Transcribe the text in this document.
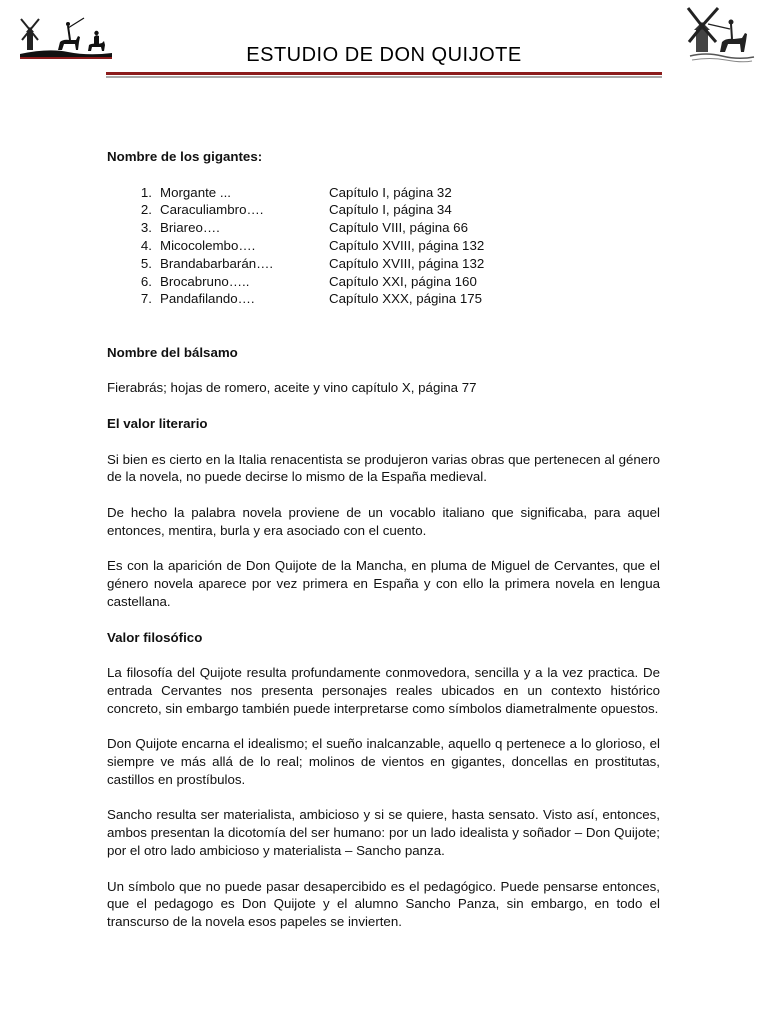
ESTUDIO DE DON QUIJOTE

Nombre de los gigantes:

1. Morgante ...	Capítulo I, página 32
2. Caraculiambro….	Capítulo I, página 34
3. Briareo….	Capítulo VIII, página 66
4. Micocolembo….	Capítulo XVIII, página 132
5. Brandabarbarán….	Capítulo XVIII, página 132
6. Brocabruno…..	Capítulo XXI, página 160
7. Pandafilando….	Capítulo XXX, página 175

Nombre del bálsamo

Fierabrás; hojas de romero, aceite y vino capítulo X, página 77

El valor literario

Si bien es cierto en la Italia renacentista se produjeron varias obras que pertenecen al género de la novela, no puede decirse lo mismo de la España medieval.

De hecho la palabra novela proviene de un vocablo italiano que significaba, para aquel entonces, mentira, burla y era asociado con el cuento.

Es con la aparición de Don Quijote de la Mancha, en pluma de Miguel de Cervantes, que el género novela aparece por vez primera en España y con ello la primera novela en lengua castellana.

Valor filosófico

La filosofía del Quijote resulta profundamente conmovedora, sencilla y a la vez practica. De entrada Cervantes nos presenta personajes reales ubicados en un contexto histórico concreto, sin embargo también puede interpretarse como símbolos diametralmente opuestos.

Don Quijote encarna el idealismo; el sueño inalcanzable, aquello q pertenece a lo glorioso, el siempre ve más allá de lo real; molinos de vientos en gigantes, doncellas en prostitutas, castillos en prostíbulos.

Sancho resulta ser materialista, ambicioso y si se quiere, hasta sensato. Visto así, entonces, ambos presentan la dicotomía del ser humano: por un lado idealista y soñador – Don Quijote; por el otro lado ambicioso y materialista – Sancho panza.

Un símbolo que no puede pasar desapercibido es el pedagógico. Puede pensarse entonces, que el pedagogo es Don Quijote y el alumno Sancho Panza, sin embargo, en todo el transcurso de la novela esos papeles se invierten.
